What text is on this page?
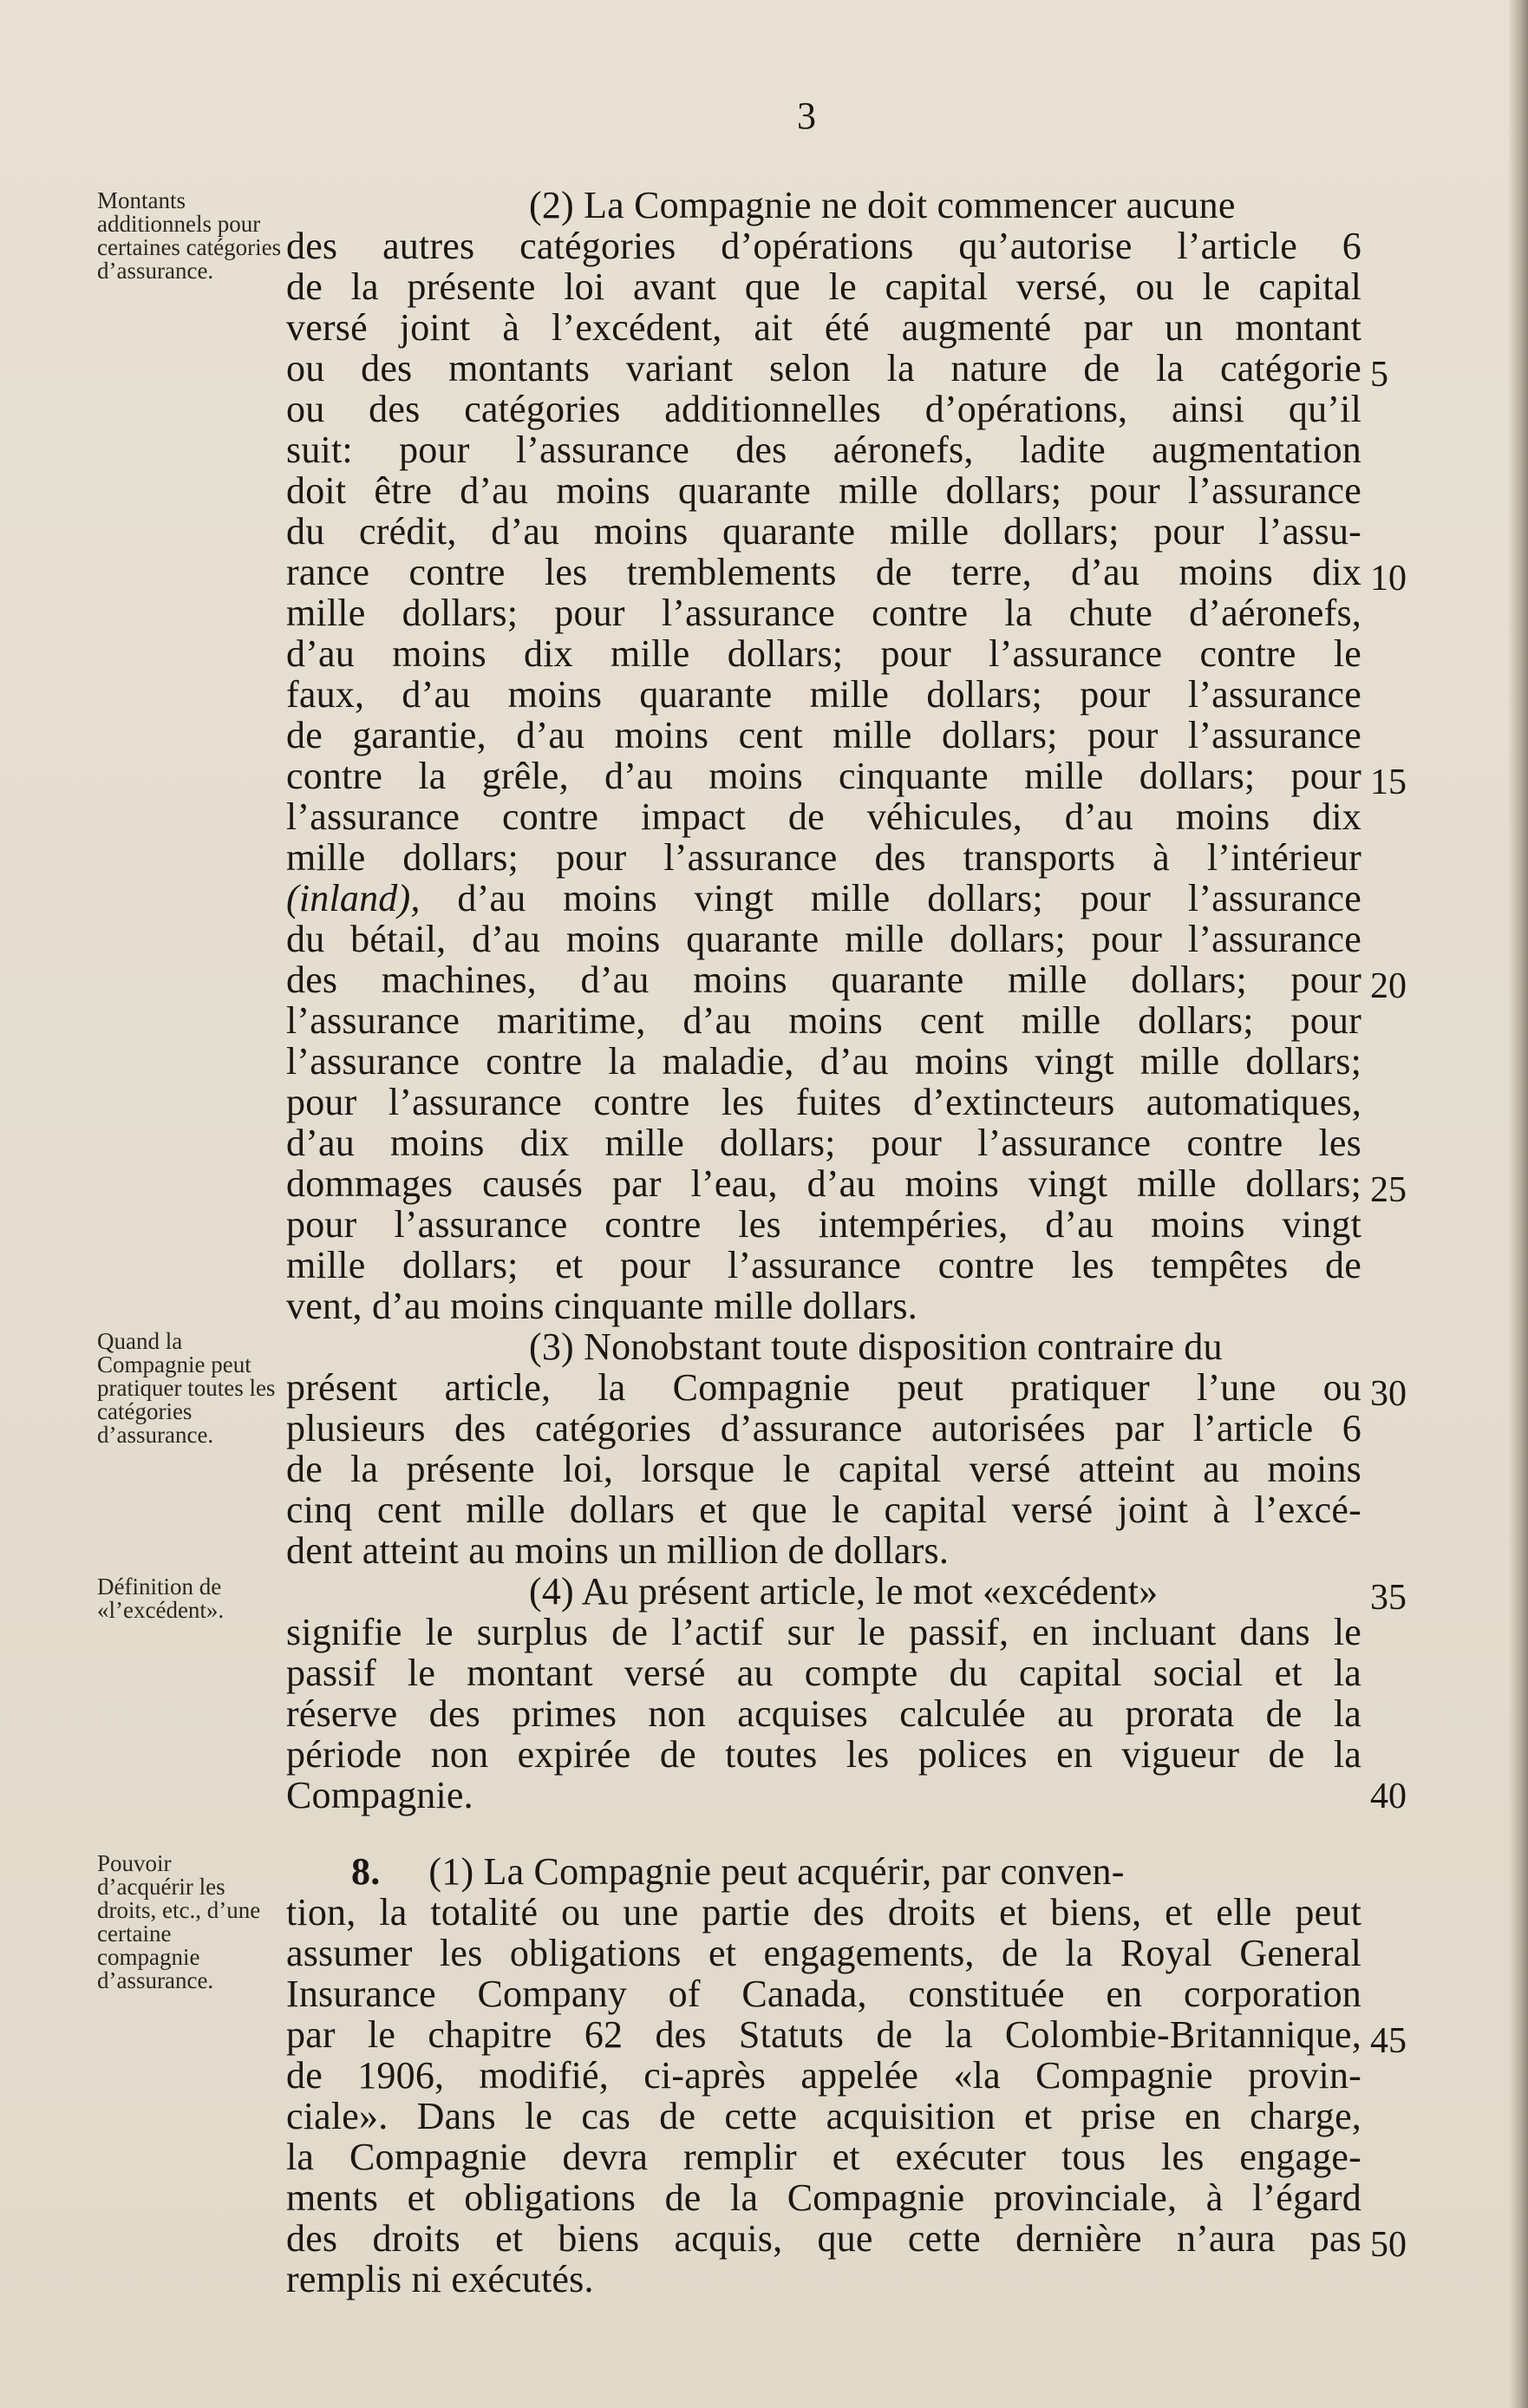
3
Montants additionnels pour certaines catégories d’assurance.
Quand la Compagnie peut pratiquer toutes les catégories d’assurance.
Définition de «l’excédent».
Pouvoir d’acquérir les droits, etc., d’une certaine compagnie d’assurance.
(2) La Compagnie ne doit commencer aucune
des autres catégories d’opérations qu’autorise l’article 6
de la présente loi avant que le capital versé, ou le capital
versé joint à l’excédent, ait été augmenté par un montant
ou des montants variant selon la nature de la catégorie
ou des catégories additionnelles d’opérations, ainsi qu’il
suit: pour l’assurance des aéronefs, ladite augmentation
doit être d’au moins quarante mille dollars; pour l’assurance
du crédit, d’au moins quarante mille dollars; pour l’assu-
rance contre les tremblements de terre, d’au moins dix
mille dollars; pour l’assurance contre la chute d’aéronefs,
d’au moins dix mille dollars; pour l’assurance contre le
faux, d’au moins quarante mille dollars; pour l’assurance
de garantie, d’au moins cent mille dollars; pour l’assurance
contre la grêle, d’au moins cinquante mille dollars; pour
l’assurance contre impact de véhicules, d’au moins dix
mille dollars; pour l’assurance des transports à l’intérieur
(inland), d’au moins vingt mille dollars; pour l’assurance
du bétail, d’au moins quarante mille dollars; pour l’assurance
des machines, d’au moins quarante mille dollars; pour
l’assurance maritime, d’au moins cent mille dollars; pour
l’assurance contre la maladie, d’au moins vingt mille dollars;
pour l’assurance contre les fuites d’extincteurs automatiques,
d’au moins dix mille dollars; pour l’assurance contre les
dommages causés par l’eau, d’au moins vingt mille dollars;
pour l’assurance contre les intempéries, d’au moins vingt
mille dollars; et pour l’assurance contre les tempêtes de
vent, d’au moins cinquante mille dollars.
(3) Nonobstant toute disposition contraire du
présent article, la Compagnie peut pratiquer l’une ou
plusieurs des catégories d’assurance autorisées par l’article 6
de la présente loi, lorsque le capital versé atteint au moins
cinq cent mille dollars et que le capital versé joint à l’excé-
dent atteint au moins un million de dollars.
(4) Au présent article, le mot «excédent»
signifie le surplus de l’actif sur le passif, en incluant dans le
passif le montant versé au compte du capital social et la
réserve des primes non acquises calculée au prorata de la
période non expirée de toutes les polices en vigueur de la
Compagnie.
8. (1) La Compagnie peut acquérir, par conven-
tion, la totalité ou une partie des droits et biens, et elle peut
assumer les obligations et engagements, de la Royal General
Insurance Company of Canada, constituée en corporation
par le chapitre 62 des Statuts de la Colombie-Britannique,
de 1906, modifié, ci-après appelée «la Compagnie provin-
ciale». Dans le cas de cette acquisition et prise en charge,
la Compagnie devra remplir et exécuter tous les engage-
ments et obligations de la Compagnie provinciale, à l’égard
des droits et biens acquis, que cette dernière n’aura pas
remplis ni exécutés.
5
10
15
20
25
30
35
40
45
50
